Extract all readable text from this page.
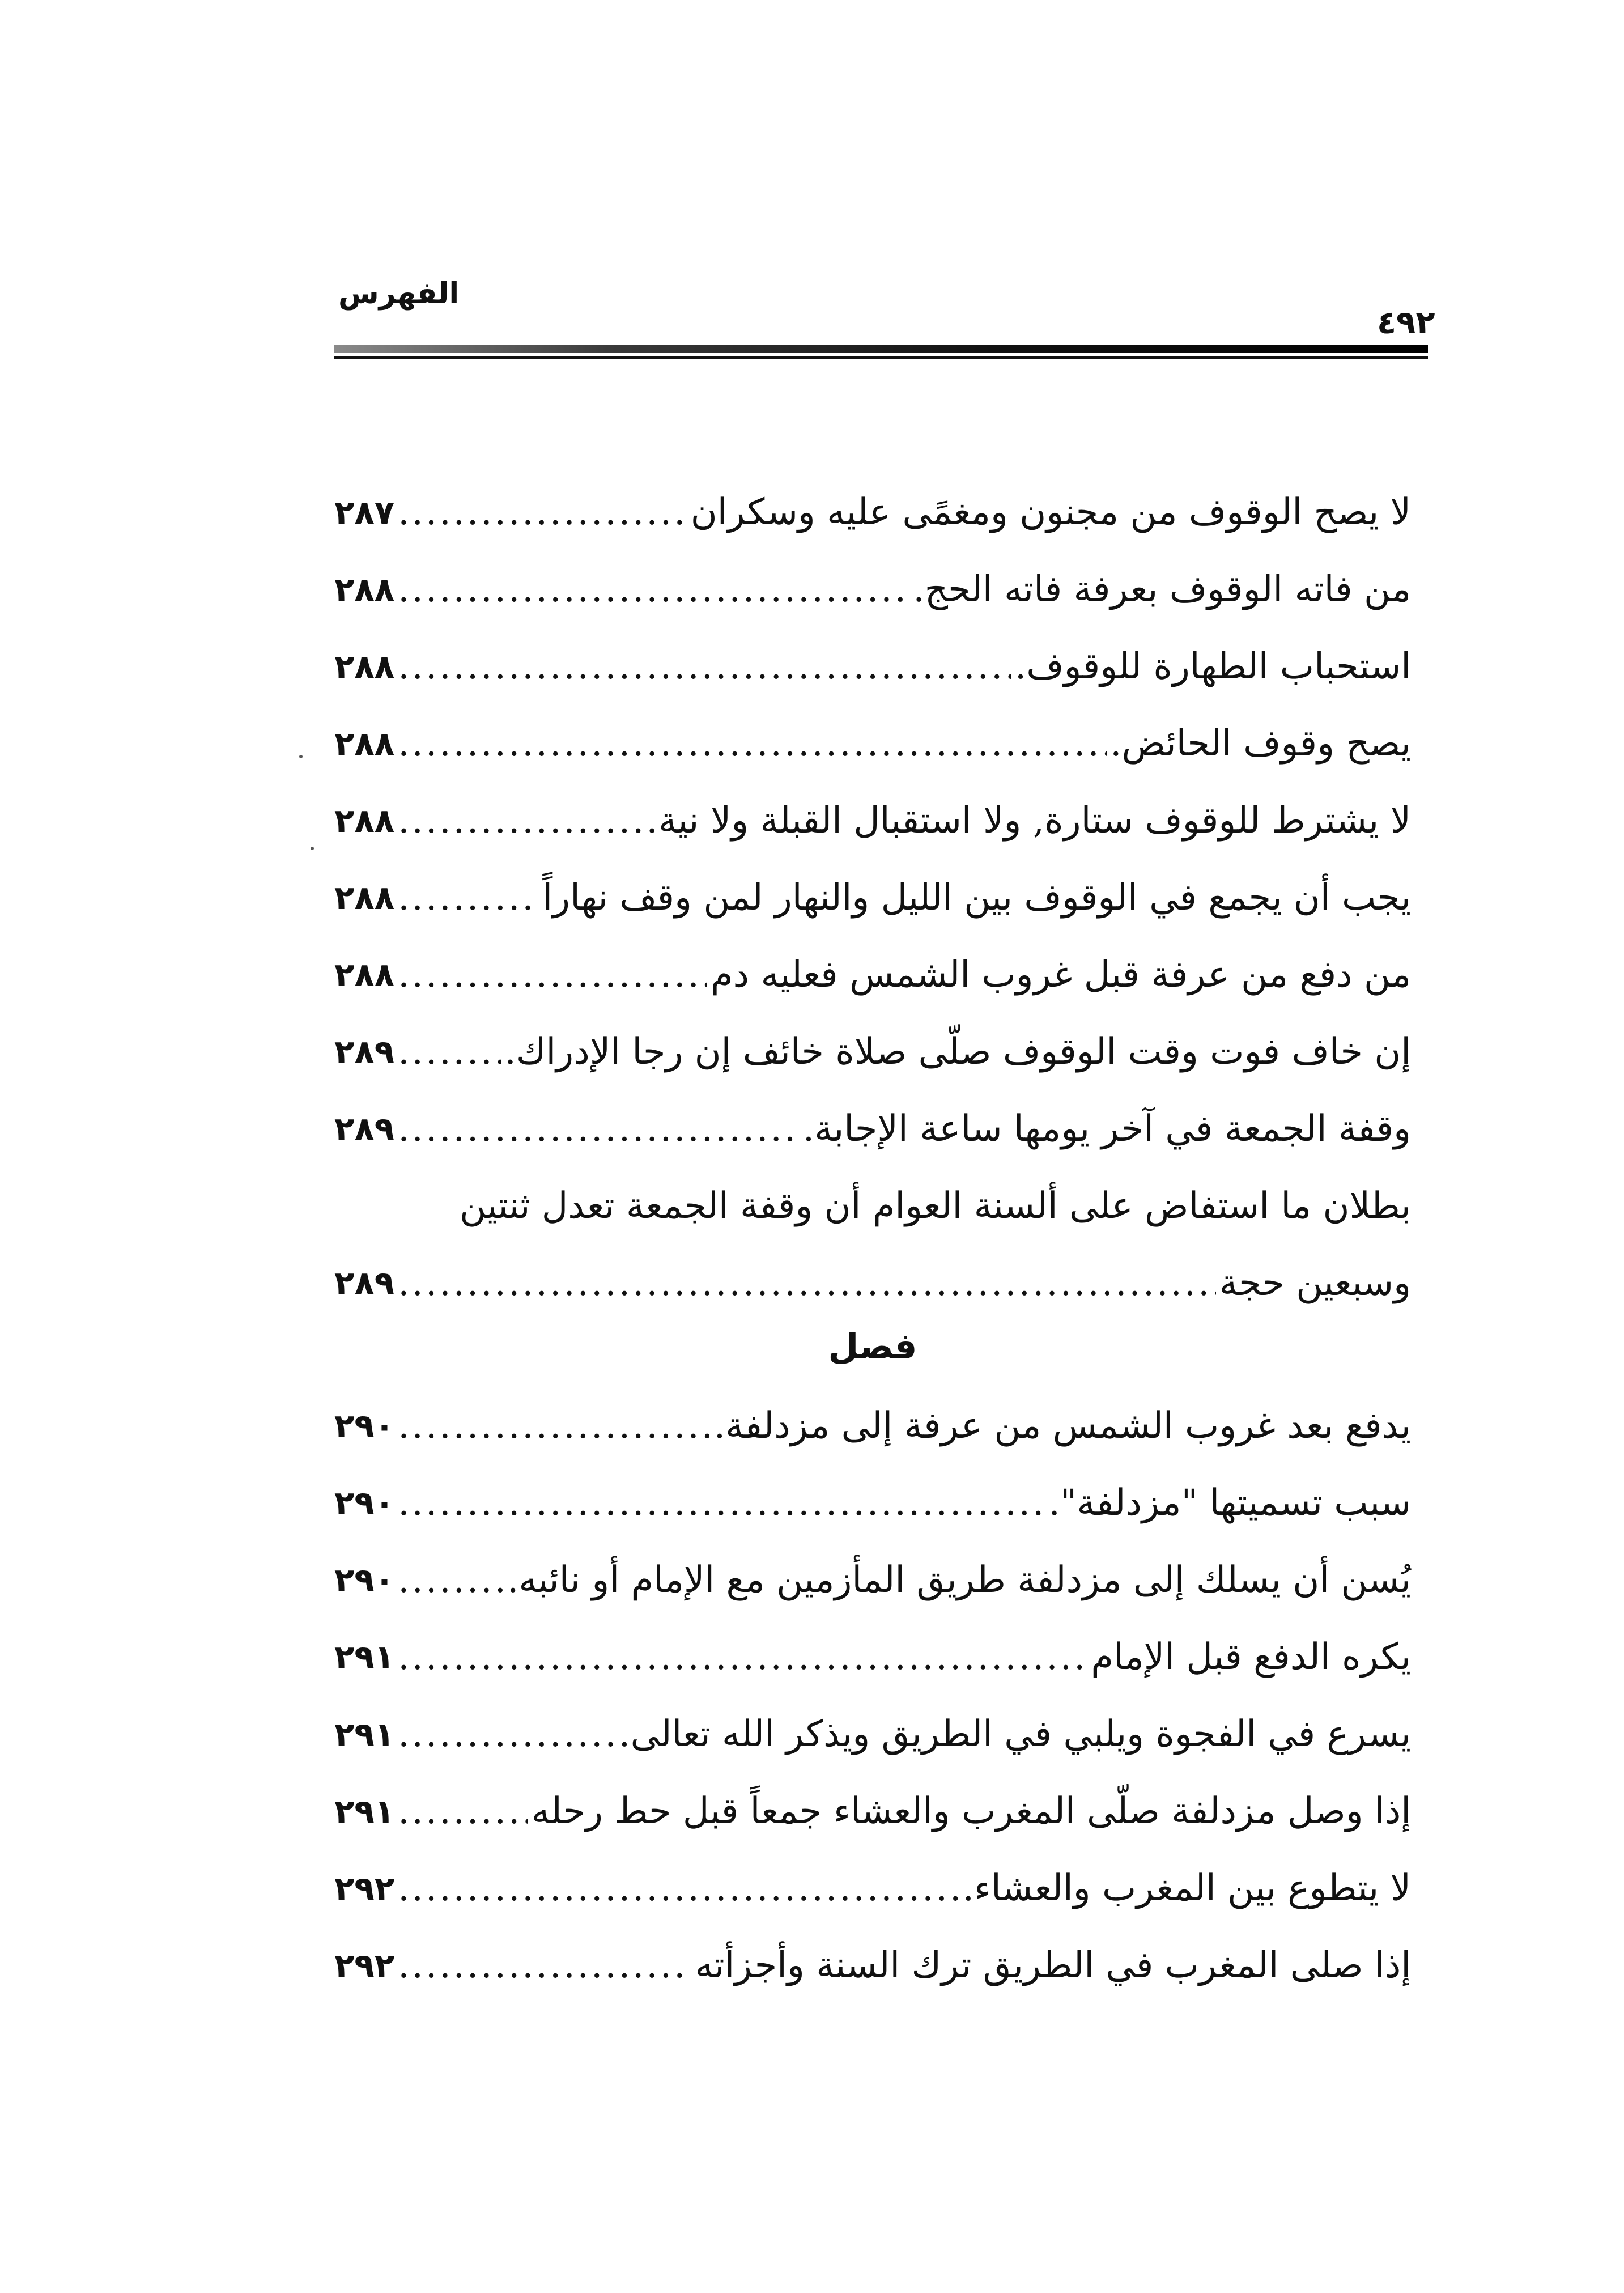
الفهرس
٤٩٢
لا يصح الوقوف من مجنون ومغمًى عليه وسكران
.....
٢٨٧
من فاته الوقوف بعرفة فاته الحج.
.....
٢٨٨
استحباب الطهارة للوقوف.
.....
٢٨٨
يصح وقوف الحائض.
.....
٢٨٨
لا يشترط للوقوف ستارة, ولا استقبال القبلة ولا نية
.....
٢٨٨
يجب أن يجمع في الوقوف بين الليل والنهار لمن وقف نهاراً
.....
٢٨٨
من دفع من عرفة قبل غروب الشمس فعليه دم
.....
٢٨٨
إن خاف فوت وقت الوقوف صلّى صلاة خائف إن رجا الإدراك.
.....
٢٨٩
وقفة الجمعة في آخر يومها ساعة الإجابة.
.....
٢٨٩
بطلان ما استفاض على ألسنة العوام أن وقفة الجمعة تعدل ثنتين
وسبعين حجة
.....
٢٨٩
فصل
يدفع بعد غروب الشمس من عرفة إلى مزدلفة.
.....
٢٩٠
سبب تسميتها "مزدلفة".
.....
٢٩٠
يُسن أن يسلك إلى مزدلفة طريق المأزمين مع الإمام أو نائبه.
.....
٢٩٠
يكره الدفع قبل الإمام
.....
٢٩١
يسرع في الفجوة ويلبي في الطريق ويذكر الله تعالى
.....
٢٩١
إذا وصل مزدلفة صلّى المغرب والعشاء جمعاً قبل حط رحله
.....
٢٩١
لا يتطوع بين المغرب والعشاء.
.....
٢٩٢
إذا صلى المغرب في الطريق ترك السنة وأجزأته
.....
٢٩٢
